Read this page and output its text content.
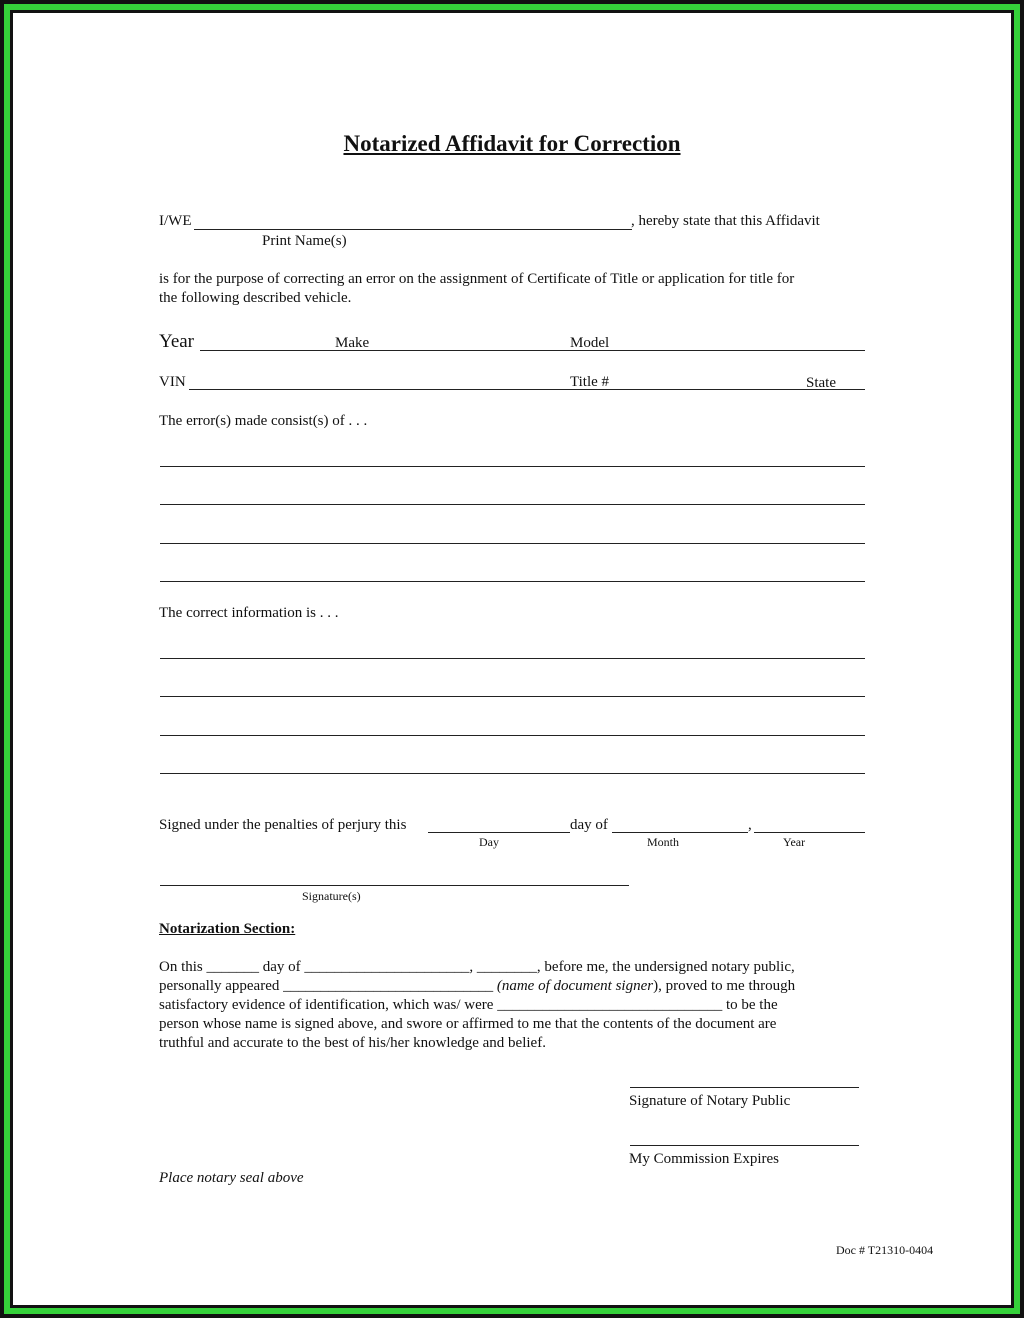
Notarized Affidavit for Correction
I/WE	, hereby state that this Affidavit
Print Name(s)
is for the purpose of correcting an error on the assignment of Certificate of Title or application for title for
the following described vehicle.
Year	Make	Model
VIN	Title #	State
The error(s) made consist(s) of . . .
The correct information is . . .
Signed under the penalties of perjury this	day of	,
Day	Month	Year
Signature(s)
Notarization Section:
On this _______ day of ______________________, ________, before me, the undersigned notary public,
personally appeared ____________________________ (name of document signer), proved to me through
satisfactory evidence of identification, which was/ were ______________________________ to be the
person whose name is signed above, and swore or affirmed to me that the contents of the document are
truthful and accurate to the best of his/her knowledge and belief.
Signature of Notary Public
My Commission Expires
Place notary seal above
Doc # T21310-0404
